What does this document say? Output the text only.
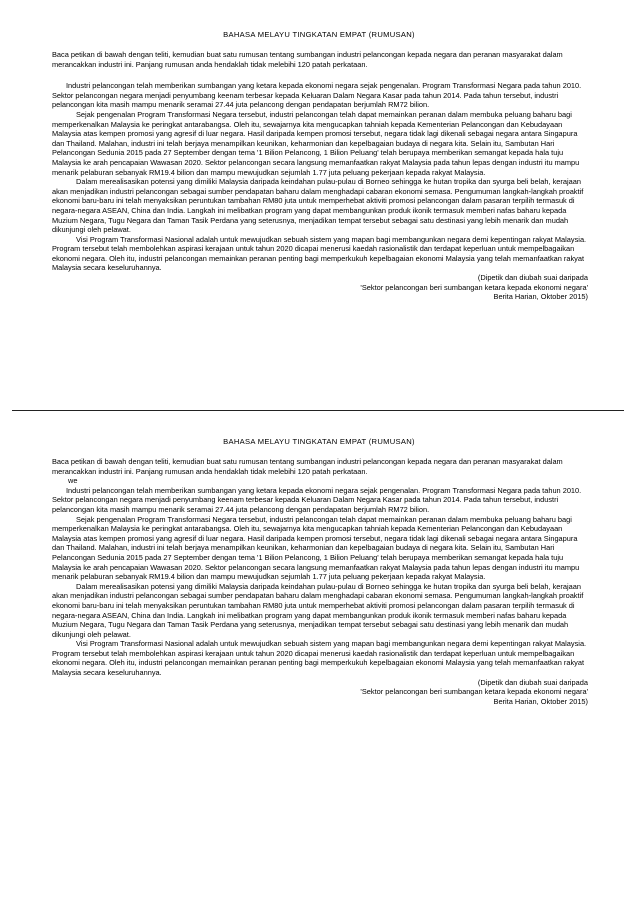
BAHASA MELAYU TINGKATAN EMPAT (RUMUSAN)

Baca petikan di bawah dengan teliti, kemudian buat satu rumusan tentang sumbangan industri pelancongan kepada negara dan peranan masyarakat dalam merancakkan industri ini. Panjang rumusan anda hendaklah tidak melebihi 120 patah perkataan.

Industri pelancongan telah memberikan sumbangan yang ketara kepada ekonomi negara sejak pengenalan. Program Transformasi Negara pada tahun 2010. Sektor pelancongan negara menjadi penyumbang keenam terbesar kepada Keluaran Dalam Negara Kasar pada tahun 2014. Pada tahun tersebut, industri pelancongan kita masih mampu menarik seramai 27.44 juta pelancong dengan pendapatan berjumlah RM72 bilion.

Sejak pengenalan Program Transformasi Negara tersebut, industri pelancongan telah dapat memainkan peranan dalam membuka peluang baharu bagi memperkenalkan Malaysia ke peringkat antarabangsa. Oleh itu, sewajarnya kita mengucapkan tahniah kepada Kementerian Pelancongan dan Kebudayaan Malaysia atas kempen promosi yang agresif di luar negara. Hasil daripada kempen promosi tersebut, negara tidak lagi dikenali sebagai negara antara Singapura dan Thailand. Malahan, industri ini telah berjaya menampilkan keunikan, keharmonian dan kepelbagaian budaya di negara kita. Selain itu, Sambutan Hari Pelancongan Sedunia 2015 pada 27 September dengan tema '1 Bilion Pelancong, 1 Bilion Peluang' telah berupaya memberikan semangat kepada hala tuju Malaysia ke arah pencapaian Wawasan 2020. Sektor pelancongan secara langsung memanfaatkan rakyat Malaysia pada tahun lepas dengan industri itu mampu menarik pelaburan sebanyak RM19.4 bilion dan mampu mewujudkan sejumlah 1.77 juta peluang pekerjaan kepada rakyat Malaysia.

Dalam merealisasikan potensi yang dimiliki Malaysia daripada keindahan pulau-pulau di Borneo sehingga ke hutan tropika dan syurga beli belah, kerajaan akan menjadikan industri pelancongan sebagai sumber pendapatan baharu dalam menghadapi cabaran ekonomi semasa. Pengumuman langkah-langkah proaktif ekonomi baru-baru ini telah menyaksikan peruntukan tambahan RM80 juta untuk memperhebat aktiviti promosi pelancongan dalam pasaran terpilih termasuk di negara-negara ASEAN, China dan India. Langkah ini melibatkan program yang dapat membangunkan produk ikonik termasuk memberi nafas baharu kepada Muzium Negara, Tugu Negara dan Taman Tasik Perdana yang seterusnya, menjadikan tempat tersebut sebagai satu destinasi yang lebih menarik dan mudah dikunjungi oleh pelawat.

Visi Program Transformasi Nasional adalah untuk mewujudkan sebuah sistem yang mapan bagi membangunkan negara demi kepentingan rakyat Malaysia. Program tersebut telah membolehkan aspirasi kerajaan untuk tahun 2020 dicapai menerusi kaedah rasionalistik dan terdapat keperluan untuk mempelbagaikan ekonomi negara. Oleh itu, industri pelancongan memainkan peranan penting bagi memperkukuh kepelbagaian ekonomi Malaysia yang telah memanfaatkan rakyat Malaysia secara keseluruhannya.

(Dipetik dan diubah suai daripada

'Sektor pelancongan beri sumbangan ketara kepada ekonomi negara'

Berita Harian, Oktober 2015)

BAHASA MELAYU TINGKATAN EMPAT (RUMUSAN)

Baca petikan di bawah dengan teliti, kemudian buat satu rumusan tentang sumbangan industri pelancongan kepada negara dan peranan masyarakat dalam merancakkan industri ini. Panjang rumusan anda hendaklah tidak melebihi 120 patah perkataan.

we

Industri pelancongan telah memberikan sumbangan yang ketara kepada ekonomi negara sejak pengenalan. Program Transformasi Negara pada tahun 2010. Sektor pelancongan negara menjadi penyumbang keenam terbesar kepada Keluaran Dalam Negara Kasar pada tahun 2014. Pada tahun tersebut, industri pelancongan kita masih mampu menarik seramai 27.44 juta pelancong dengan pendapatan berjumlah RM72 bilion.

Sejak pengenalan Program Transformasi Negara tersebut, industri pelancongan telah dapat memainkan peranan dalam membuka peluang baharu bagi memperkenalkan Malaysia ke peringkat antarabangsa. Oleh itu, sewajarnya kita mengucapkan tahniah kepada Kementerian Pelancongan dan Kebudayaan Malaysia atas kempen promosi yang agresif di luar negara. Hasil daripada kempen promosi tersebut, negara tidak lagi dikenali sebagai negara antara Singapura dan Thailand. Malahan, industri ini telah berjaya menampilkan keunikan, keharmonian dan kepelbagaian budaya di negara kita. Selain itu, Sambutan Hari Pelancongan Sedunia 2015 pada 27 September dengan tema '1 Bilion Pelancong, 1 Bilion Peluang' telah berupaya memberikan semangat kepada hala tuju Malaysia ke arah pencapaian Wawasan 2020. Sektor pelancongan secara langsung memanfaatkan rakyat Malaysia pada tahun lepas dengan industri itu mampu menarik pelaburan sebanyak RM19.4 bilion dan mampu mewujudkan sejumlah 1.77 juta peluang pekerjaan kepada rakyat Malaysia.

Dalam merealisasikan potensi yang dimiliki Malaysia daripada keindahan pulau-pulau di Borneo sehingga ke hutan tropika dan syurga beli belah, kerajaan akan menjadikan industri pelancongan sebagai sumber pendapatan baharu dalam menghadapi cabaran ekonomi semasa. Pengumuman langkah-langkah proaktif ekonomi baru-baru ini telah menyaksikan peruntukan tambahan RM80 juta untuk memperhebat aktiviti promosi pelancongan dalam pasaran terpilih termasuk di negara-negara ASEAN, China dan India. Langkah ini melibatkan program yang dapat membangunkan produk ikonik termasuk memberi nafas baharu kepada Muzium Negara, Tugu Negara dan Taman Tasik Perdana yang seterusnya, menjadikan tempat tersebut sebagai satu destinasi yang lebih menarik dan mudah dikunjungi oleh pelawat.

Visi Program Transformasi Nasional adalah untuk mewujudkan sebuah sistem yang mapan bagi membangunkan negara demi kepentingan rakyat Malaysia. Program tersebut telah membolehkan aspirasi kerajaan untuk tahun 2020 dicapai menerusi kaedah rasionalistik dan terdapat keperluan untuk mempelbagaikan ekonomi negara. Oleh itu, industri pelancongan memainkan peranan penting bagi memperkukuh kepelbagaian ekonomi Malaysia yang telah memanfaatkan rakyat Malaysia secara keseluruhannya.

(Dipetik dan diubah suai daripada

'Sektor pelancongan beri sumbangan ketara kepada ekonomi negara'

Berita Harian, Oktober 2015)
